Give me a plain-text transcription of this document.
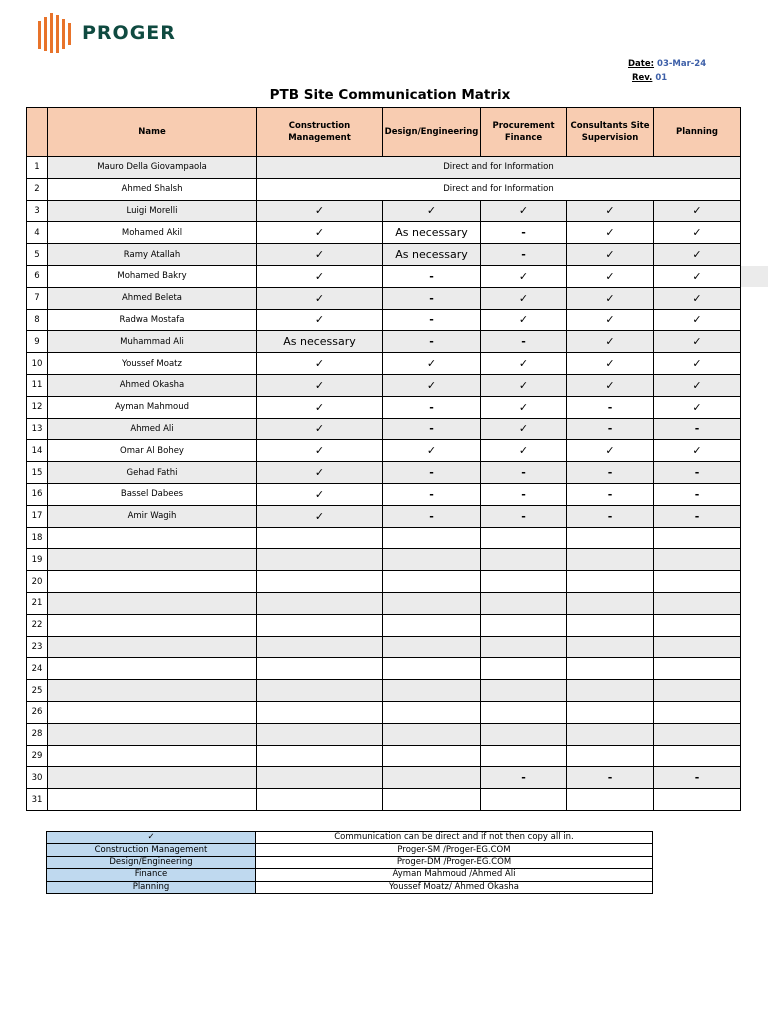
PROGER
Date: 03-Mar-24
Rev. 01
PTB Site Communication Matrix
	Name	Construction Management	Design/Engineering	Procurement Finance	Consultants Site Supervision	Planning
1	Mauro Della Giovampaola	Direct and for Information				
2	Ahmed Shalsh	Direct and for Information				
3	Luigi Morelli	✓	✓	✓	✓	✓
4	Mohamed Akil	✓	As necessary	-	✓	✓
5	Ramy Atallah	✓	As necessary	-	✓	✓
6	Mohamed Bakry	✓	-	✓	✓	✓
7	Ahmed Beleta	✓	-	✓	✓	✓
8	Radwa Mostafa	✓	-	✓	✓	✓
9	Muhammad Ali	As necessary	-	-	✓	✓
10	Youssef Moatz	✓	✓	✓	✓	✓
11	Ahmed Okasha	✓	✓	✓	✓	✓
12	Ayman Mahmoud	✓	-	✓	-	✓
13	Ahmed Ali	✓	-	✓	-	-
14	Omar Al Bohey	✓	✓	✓	✓	✓
15	Gehad Fathi	✓	-	-	-	-
16	Bassel Dabees	✓	-	-	-	-
17	Amir Wagih	✓	-	-	-	-
18						
19						
20						
21						
22						
23						
24						
25						
26						
28						
29						
30				-	-	-
31						
✓	Communication can be direct and if not then copy all in.
Construction Management	Proger-SM /Proger-EG.COM
Design/Engineering	Proger-DM /Proger-EG.COM
Finance	Ayman Mahmoud /Ahmed Ali
Planning	Youssef Moatz/ Ahmed Okasha
